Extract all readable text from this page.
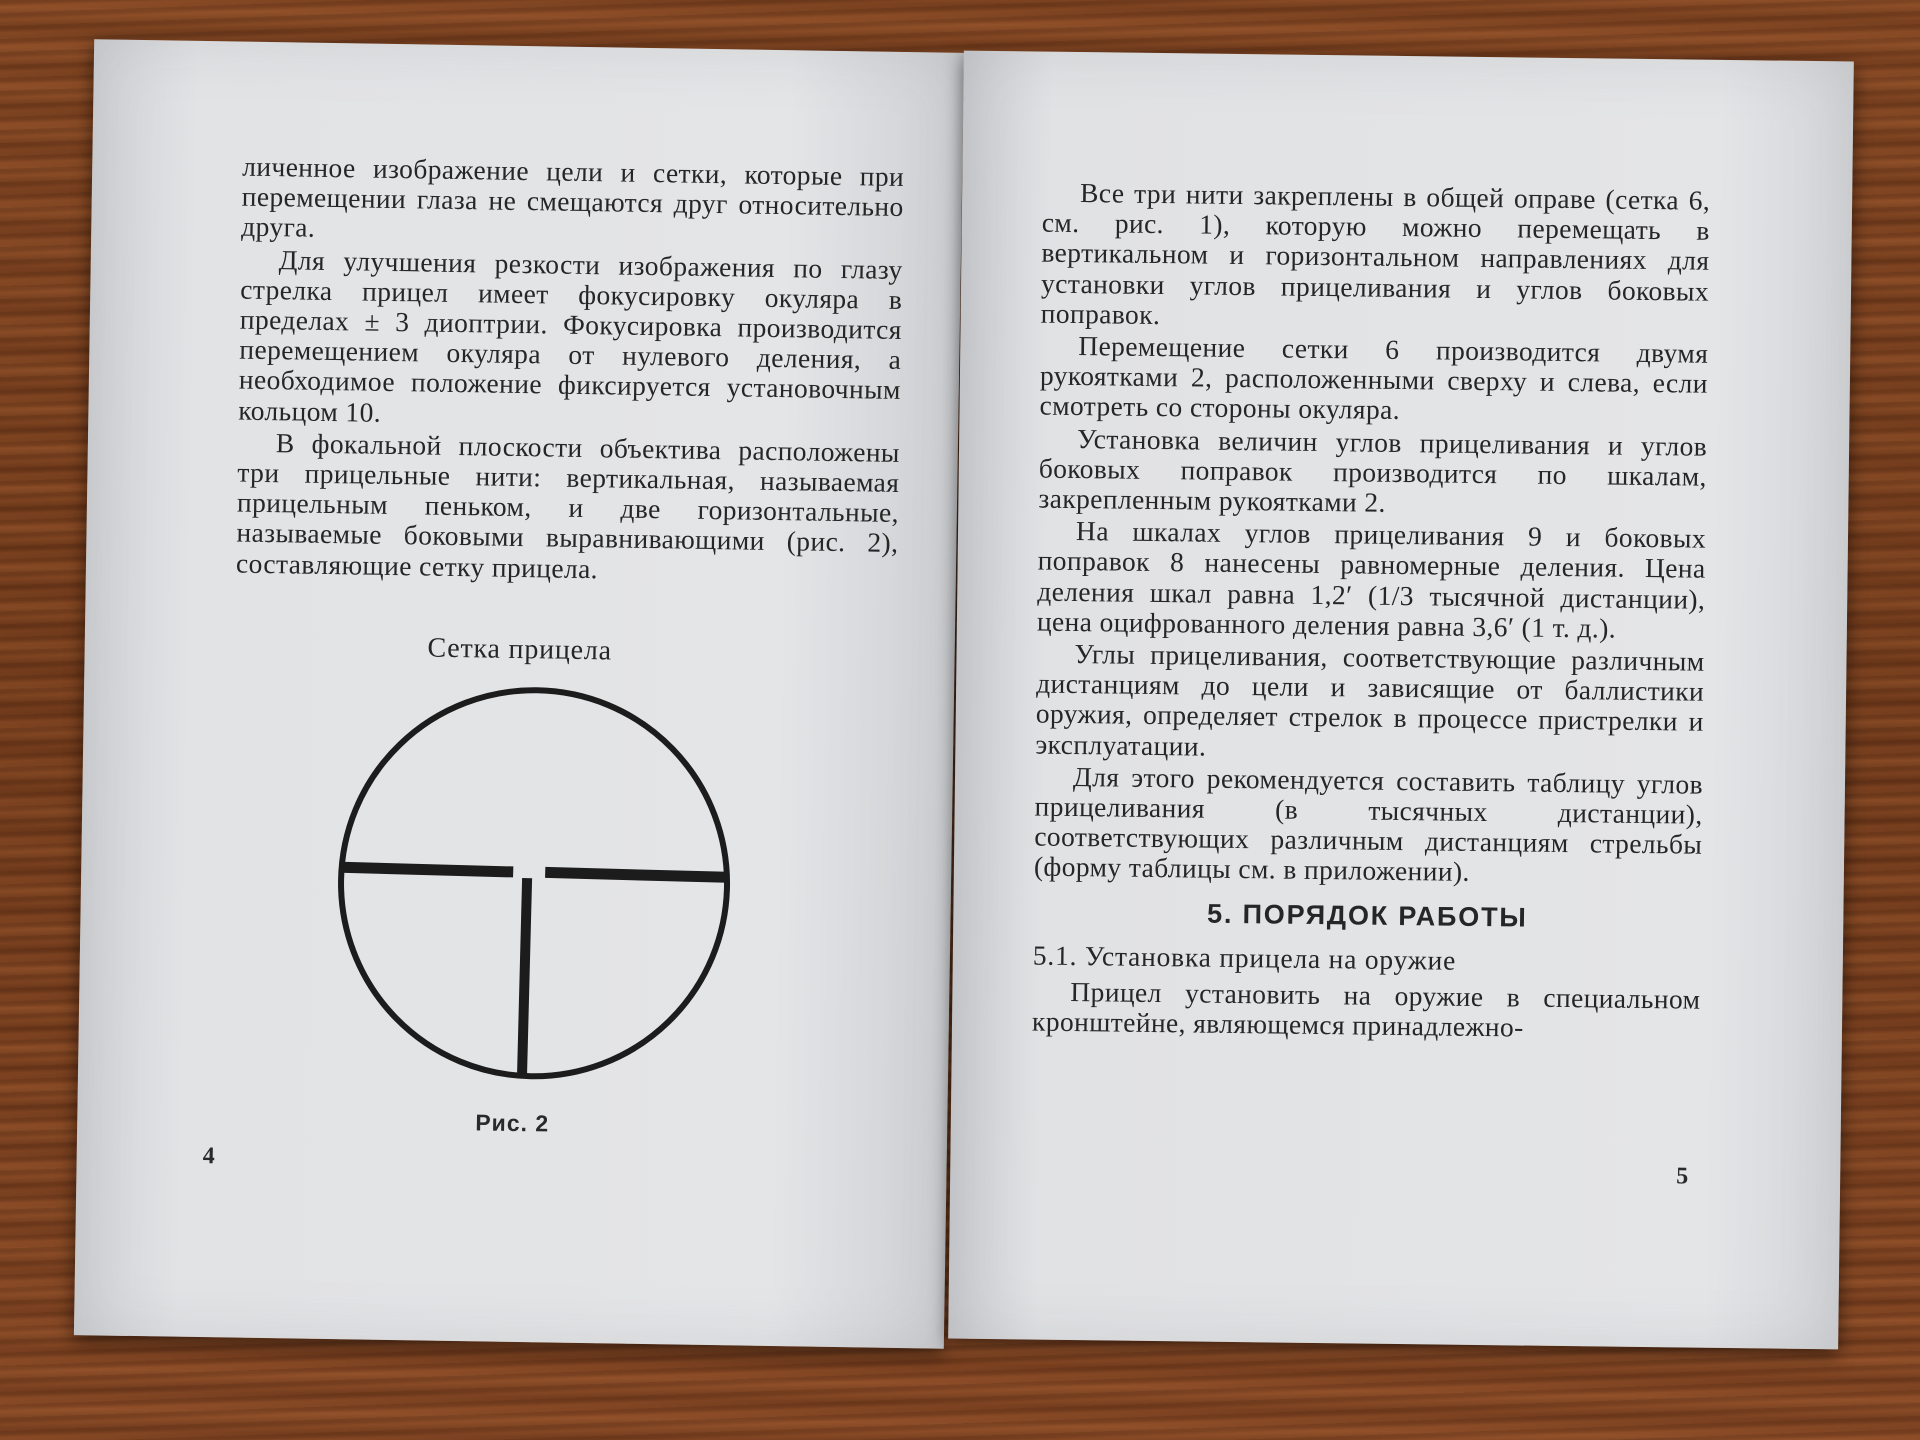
личенное изображение цели и сетки, которые при перемещении глаза не смещаются друг относительно друга.

Для улучшения резкости изображения по глазу стрелка прицел имеет фокусировку окуляра в пределах ± 3 диоптрии. Фокусировка производится перемещением окуляра от нулевого деления, а необходимое положение фиксируется установочным кольцом 10.

В фокальной плоскости объектива расположены три прицельные нити: вертикальная, называемая прицельным пеньком, и две горизонтальные, называемые боковыми выравнивающими (рис. 2), составляющие сетку прицела.

Сетка прицела
Рис. 2
4

Все три нити закреплены в общей оправе (сетка 6, см. рис. 1), которую можно перемещать в вертикальном и горизонтальном направлениях для установки углов прицеливания и углов боковых поправок.

Перемещение сетки 6 производится двумя рукоятками 2, расположенными сверху и слева, если смотреть со стороны окуляра.

Установка величин углов прицеливания и углов боковых поправок производится по шкалам, закрепленным рукоятками 2.

На шкалах углов прицеливания 9 и боковых поправок 8 нанесены равномерные деления. Цена деления шкал равна 1,2′ (1/3 тысячной дистанции), цена оцифрованного деления равна 3,6′ (1 т. д.).

Углы прицеливания, соответствующие различным дистанциям до цели и зависящие от баллистики оружия, определяет стрелок в процессе пристрелки и эксплуатации.

Для этого рекомендуется составить таблицу углов прицеливания (в тысячных дистанции), соответствующих различным дистанциям стрельбы (форму таблицы см. в приложении).

5. ПОРЯДОК РАБОТЫ

5.1. Установка прицела на оружие

Прицел установить на оружие в специальном кронштейне, являющемся принадлежно-

5
